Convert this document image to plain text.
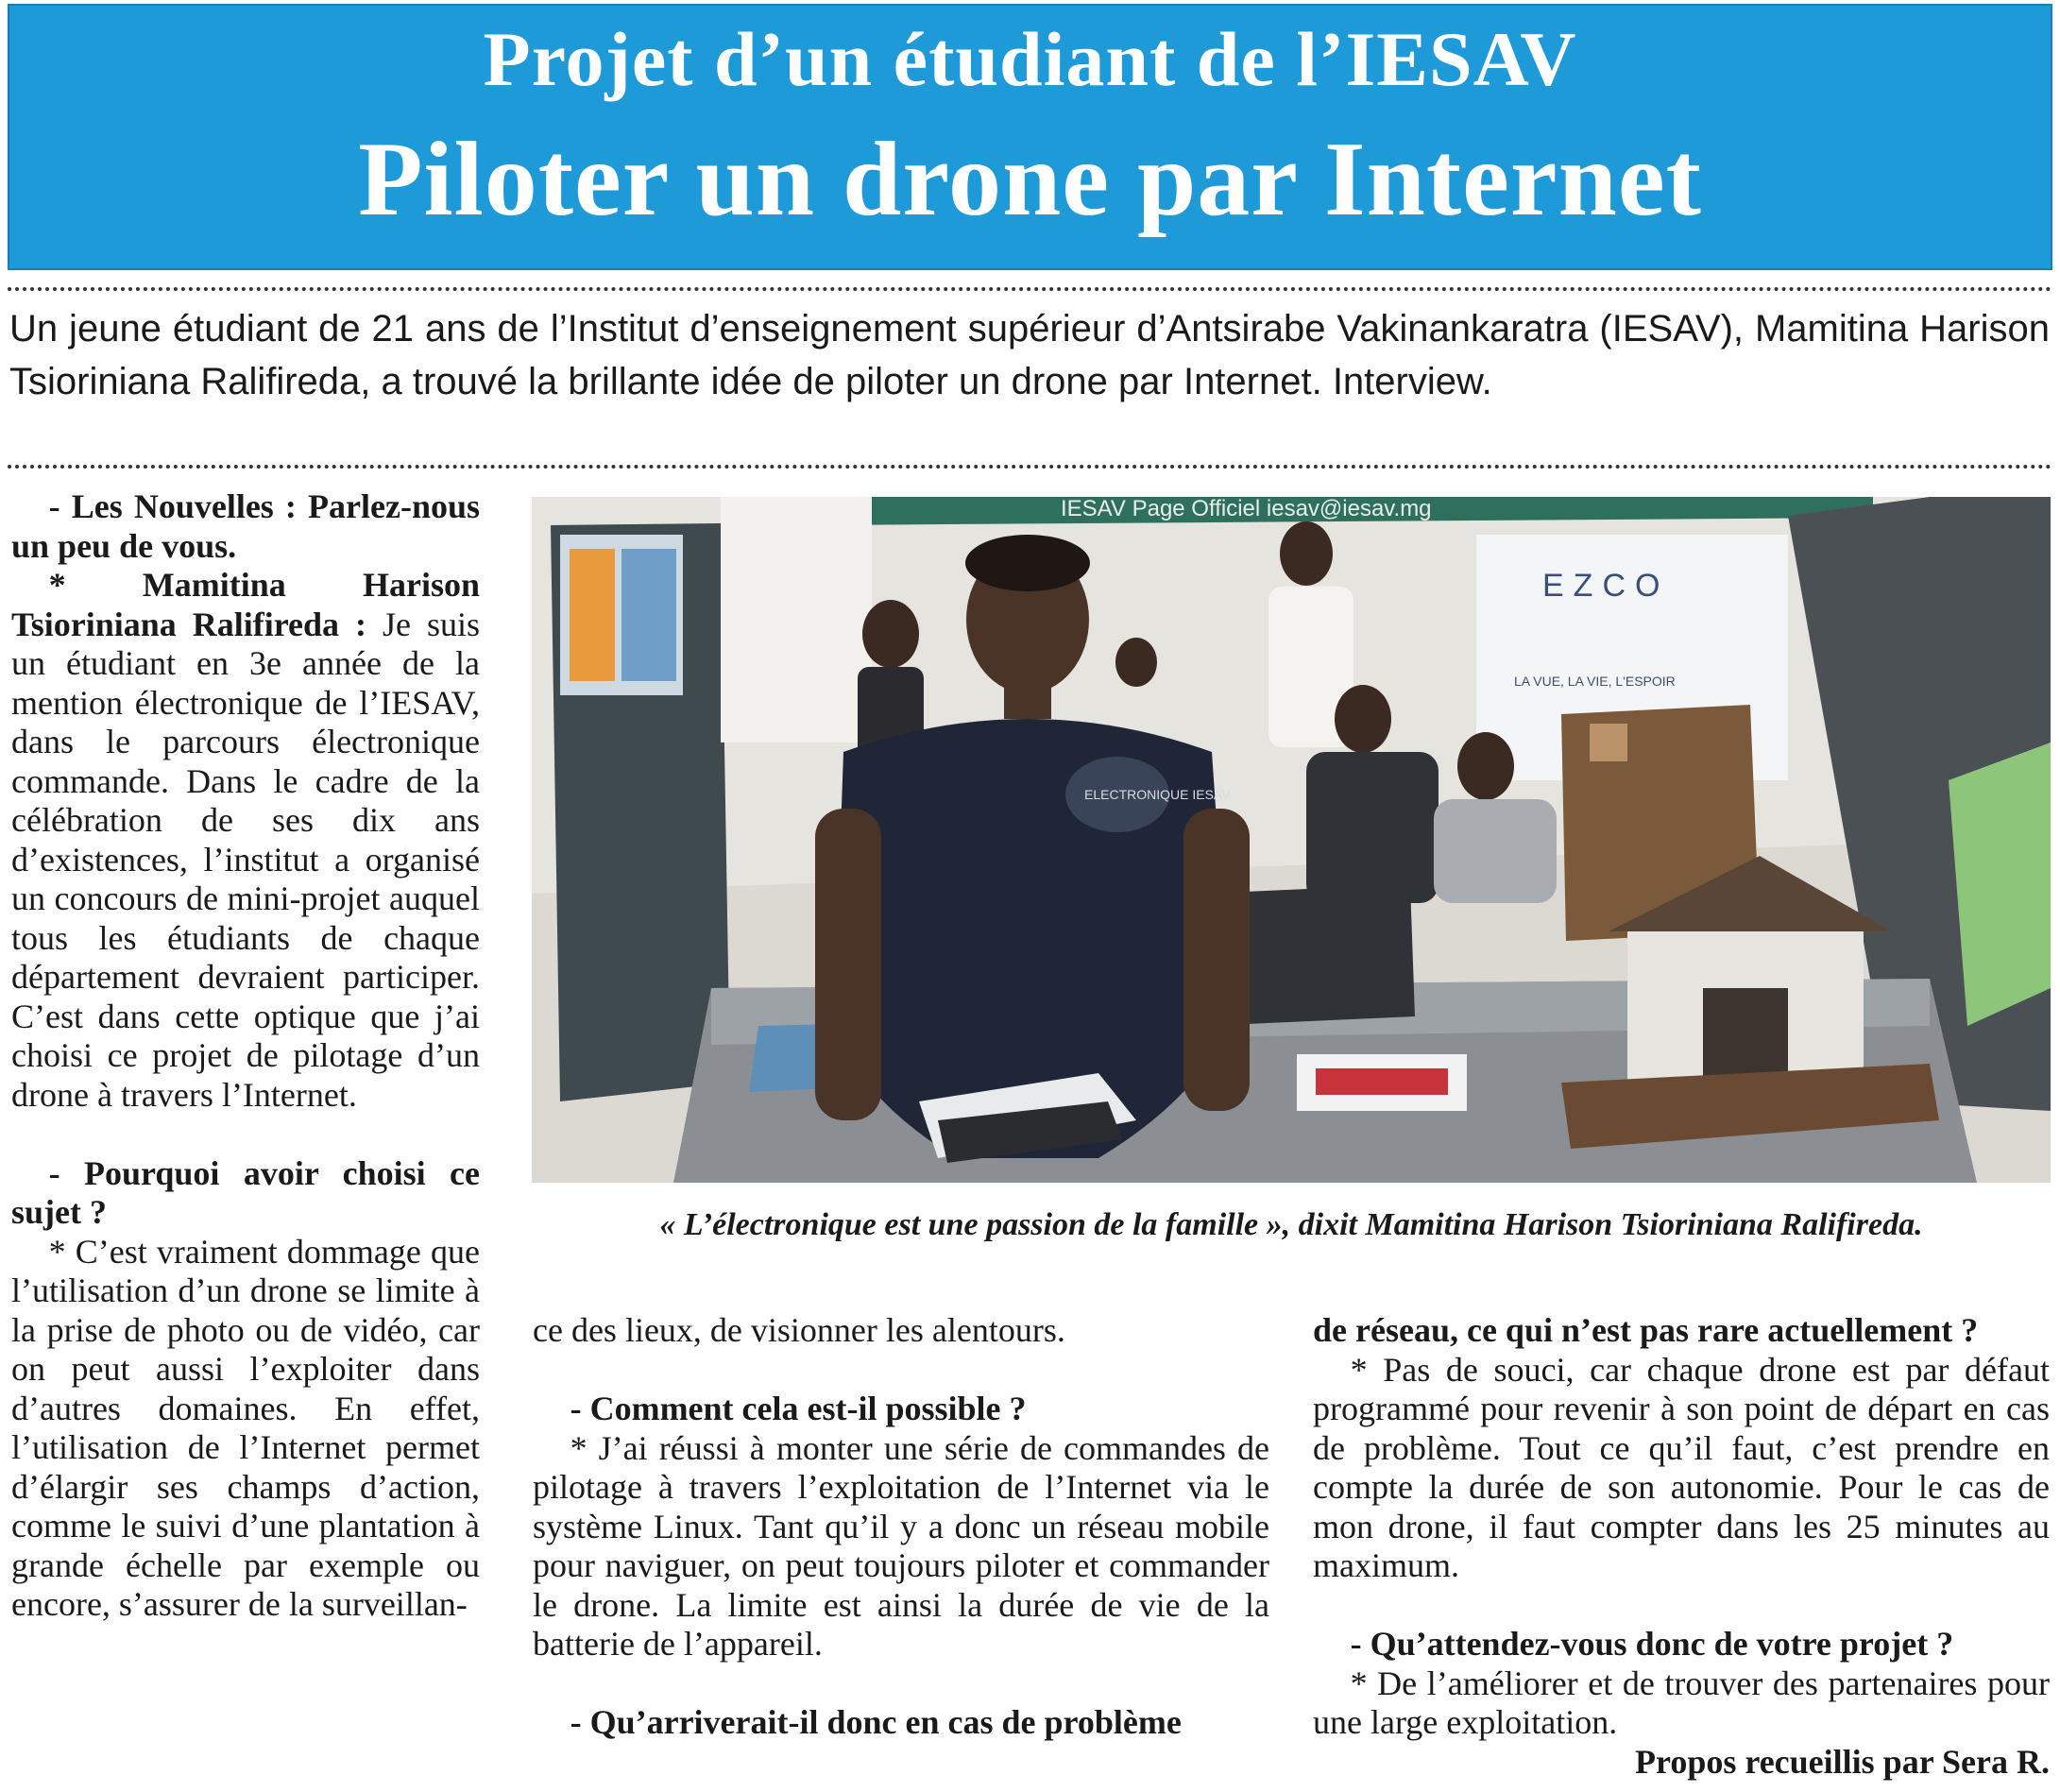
Projet d’un étudiant de l’IESAV
Piloter un drone par Internet
Un jeune étudiant de 21 ans de l’Institut d’enseignement supérieur d’Antsirabe Vakinankaratra (IESAV), Mamitina Harison Tsioriniana Ralifireda, a trouvé la brillante idée de piloter un drone par Internet. Interview.

- Les Nouvelles : Parlez-nous un peu de vous.

* Mamitina Harison Tsioriniana Ralifireda : Je suis un étudiant en 3e année de la mention électronique de l’IESAV, dans le parcours électronique commande. Dans le cadre de la célébration de ses dix ans d’existences, l’institut a organisé un concours de mini-projet auquel tous les étudiants de chaque département devraient participer. C’est dans cette optique que j’ai choisi ce projet de pilotage d’un drone à travers l’Internet.

- Pourquoi avoir choisi ce sujet ?

* C’est vraiment dommage que l’utilisation d’un drone se limite à la prise de photo ou de vidéo, car on peut aussi l’exploiter dans d’autres domaines. En effet, l’utilisation de l’Internet permet d’élargir ses champs d’action, comme le suivi d’une plantation à grande échelle par exemple ou encore, s’assurer de la surveillan-

IESAV Page Officiel iesav@iesav.mg
EZCO
LA VUE, LA VIE, L'ESPOIR
ELECTRONIQUE IESAV
« L’électronique est une passion de la famille », dixit Mamitina Harison Tsioriniana Ralifireda.

ce des lieux, de visionner les alentours.

- Comment cela est-il possible ?

* J’ai réussi à monter une série de commandes de pilotage à travers l’exploitation de l’Internet via le système Linux. Tant qu’il y a donc un réseau mobile pour naviguer, on peut toujours piloter et commander le drone. La limite est ainsi la durée de vie de la batterie de l’appareil.

- Qu’arriverait-il donc en cas de problème

de réseau, ce qui n’est pas rare actuellement ?

* Pas de souci, car chaque drone est par défaut programmé pour revenir à son point de départ en cas de problème. Tout ce qu’il faut, c’est prendre en compte la durée de son autonomie. Pour le cas de mon drone, il faut compter dans les 25 minutes au maximum.

- Qu’attendez-vous donc de votre projet ?

* De l’améliorer et de trouver des partenaires pour une large exploitation.

Propos recueillis par Sera R.
